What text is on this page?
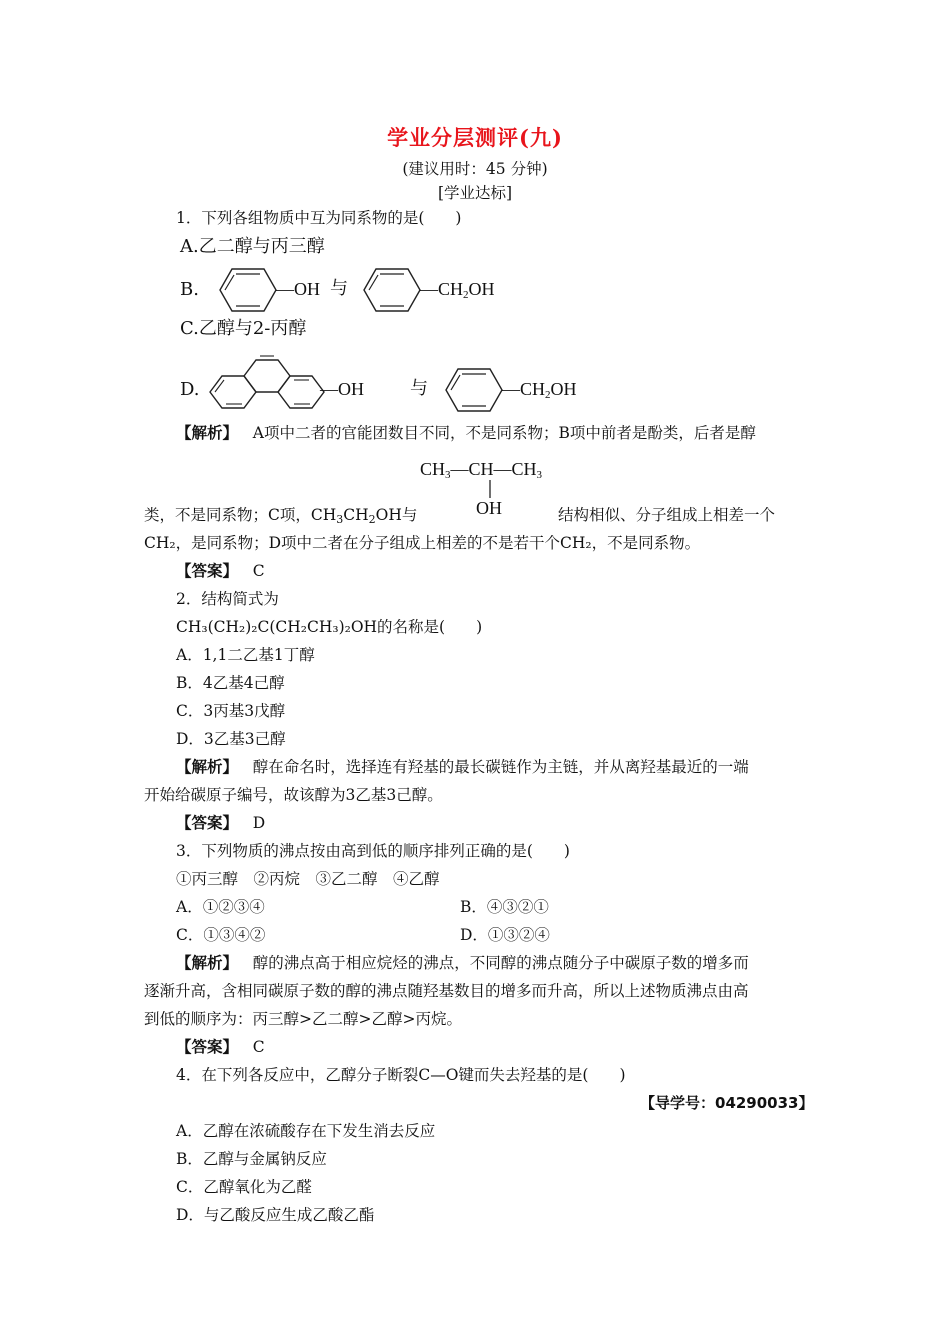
学业分层测评(九)
(建议用时：45 分钟)
[学业达标]
1．下列各组物质中互为同系物的是(　　)
A.乙二醇与丙三醇
B.	—OH 与	$—CH_2OH$
C.乙醇与2-丙醇
D.	—OH	与	$—CH_2OH$
【解析】 A项中二者的官能团数目不同，不是同系物；B项中前者是酚类，后者是醇
$CH_3—CH—CH_3$
OH
类，不是同系物；C项，$CH_3CH_2OH$与	结构相似、分子组成上相差一个
CH₂，是同系物；D项中二者在分子组成上相差的不是若干个CH₂，不是同系物。
【答案】 C
2．结构简式为
CH₃(CH₂)₂C(CH₂CH₃)₂OH的名称是(　　)
A．1,1二乙基1丁醇
B．4乙基4己醇
C．3丙基3戊醇
D．3乙基3己醇
【解析】 醇在命名时，选择连有羟基的最长碳链作为主链，并从离羟基最近的一端
开始给碳原子编号，故该醇为3乙基3己醇。
【答案】 D
3．下列物质的沸点按由高到低的顺序排列正确的是(　　)
①丙三醇　②丙烷　③乙二醇　④乙醇
A．①②③④	B．④③②①
C．①③④②	D．①③②④
【解析】 醇的沸点高于相应烷烃的沸点，不同醇的沸点随分子中碳原子数的增多而
逐渐升高，含相同碳原子数的醇的沸点随羟基数目的增多而升高，所以上述物质沸点由高
到低的顺序为：丙三醇>乙二醇>乙醇>丙烷。
【答案】 C
4．在下列各反应中，乙醇分子断裂C—O键而失去羟基的是(　　)
【导学号：04290033】
A．乙醇在浓硫酸存在下发生消去反应
B．乙醇与金属钠反应
C．乙醇氧化为乙醛
D．与乙酸反应生成乙酸乙酯
